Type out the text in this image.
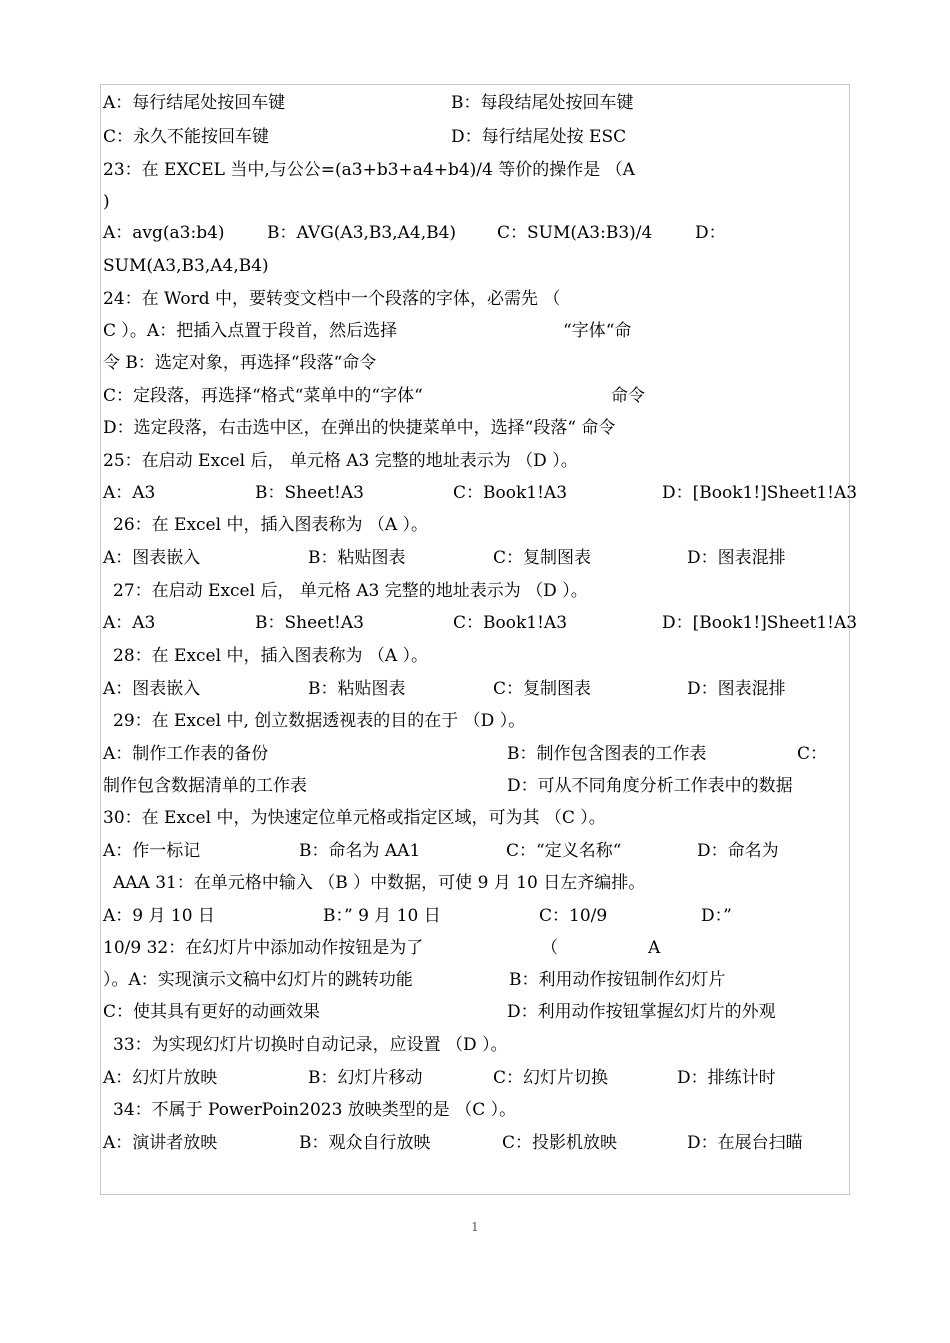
A：每行结尾处按回车键	B：每段结尾处按回车键
C：永久不能按回车键	D：每行结尾处按 ESC
23：在 EXCEL 当中,与公公=(a3+b3+a4+b4)/4 等价的操作是 （A
)
A：avg(a3:b4) B：AVG(A3,B3,A4,B4) C：SUM(A3:B3)/4	D：
SUM(A3,B3,A4,B4)
24：在 Word 中，要转变文档中一个段落的字体，必需先 （
C ）。A：把插入点置于段首，然后选择	“字体“命
令 B：选定对象，再选择“段落“命令
C：定段落，再选择“格式“菜单中的“字体“	命令
D：选定段落，右击选中区，在弹出的快捷菜单中，选择“段落“ 命令
25：在启动 Excel 后， 单元格 A3 完整的地址表示为 （D ）。
A：A3	B：Sheet!A3	C：Book1!A3	D：[Book1!]Sheet1!A3
26：在 Excel 中，插入图表称为 （A ）。
A：图表嵌入	B：粘贴图表	C：复制图表	D：图表混排
27：在启动 Excel 后， 单元格 A3 完整的地址表示为 （D ）。
A：A3	B：Sheet!A3	C：Book1!A3	D：[Book1!]Sheet1!A3
28：在 Excel 中，插入图表称为 （A ）。
A：图表嵌入	B：粘贴图表	C：复制图表	D：图表混排
29：在 Excel 中, 创立数据透视表的目的在于 （D ）。
A：制作工作表的备份	B：制作包含图表的工作表	C：
制作包含数据清单的工作表	D：可从不同角度分析工作表中的数据
30：在 Excel 中，为快速定位单元格或指定区域，可为其 （C ）。
A：作一标记	B：命名为 AA1	C：“定义名称“	D：命名为
AAA 31：在单元格中输入 （B ）中数据，可使 9 月 10 日左齐编排。
A：9 月 10 日	B：” 9 月 10 日	C：10/9	D：”
10/9 32：在幻灯片中添加动作按钮是为了	（	A
）。A：实现演示文稿中幻灯片的跳转功能	B：利用动作按钮制作幻灯片
C：使其具有更好的动画效果	D：利用动作按钮掌握幻灯片的外观
33：为实现幻灯片切换时自动记录，应设置 （D ）。
A：幻灯片放映	B：幻灯片移动	C：幻灯片切换	D：排练计时
34：不属于 PowerPoin2023 放映类型的是 （C ）。
A：演讲者放映	B：观众自行放映	C：投影机放映	D：在展台扫瞄
1
